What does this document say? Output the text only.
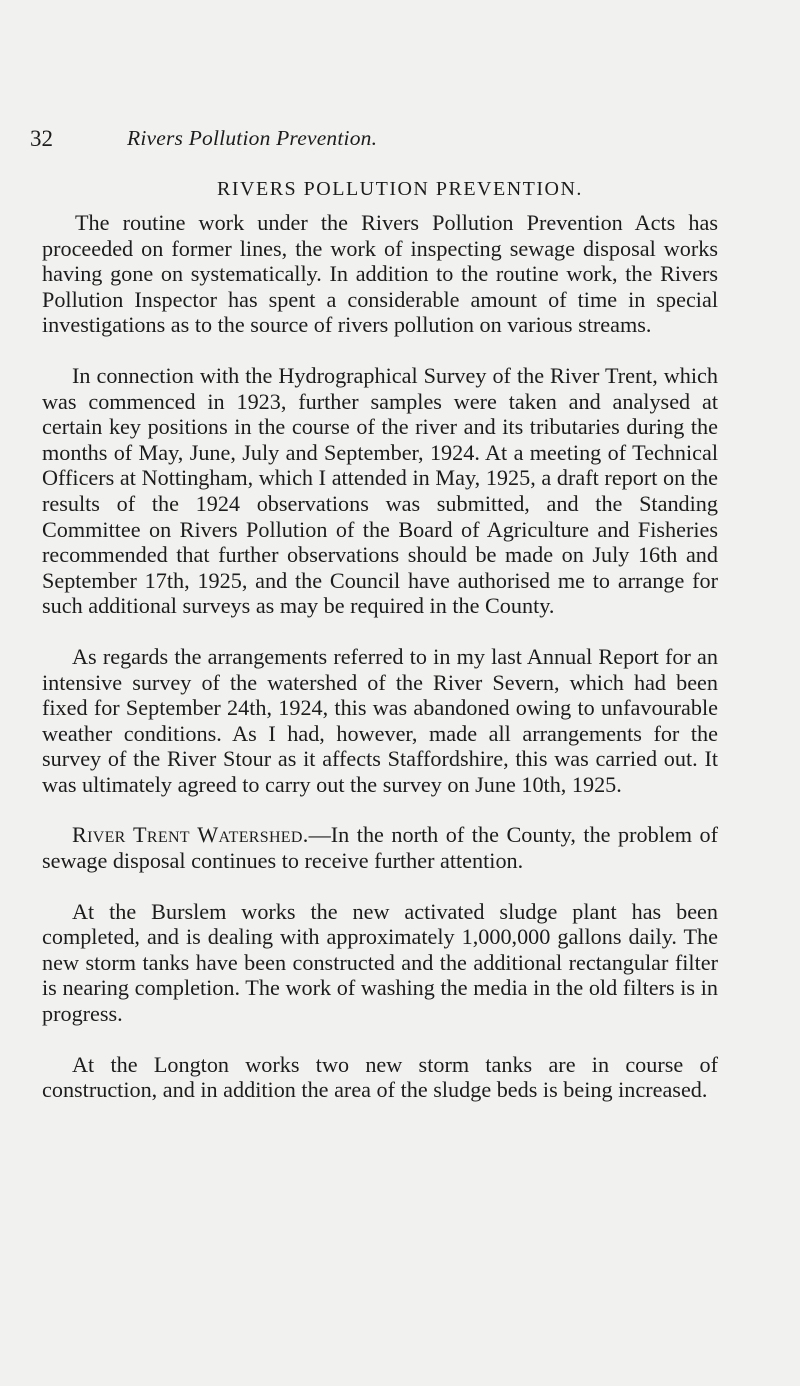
32	Rivers Pollution Prevention.
RIVERS POLLUTION PREVENTION.

The routine work under the Rivers Pollution Prevention Acts has proceeded on former lines, the work of inspecting sewage disposal works having gone on systematically. In addition to the routine work, the Rivers Pollution Inspector has spent a considerable amount of time in special investigations as to the source of rivers pollution on various streams.

In connection with the Hydrographical Survey of the River Trent, which was commenced in 1923, further samples were taken and analysed at certain key positions in the course of the river and its tributaries during the months of May, June, July and September, 1924. At a meeting of Technical Officers at Nottingham, which I attended in May, 1925, a draft report on the results of the 1924 observations was submitted, and the Standing Committee on Rivers Pollution of the Board of Agriculture and Fisheries recommended that further observations should be made on July 16th and September 17th, 1925, and the Council have authorised me to arrange for such additional surveys as may be required in the County.

As regards the arrangements referred to in my last Annual Report for an intensive survey of the watershed of the River Severn, which had been fixed for September 24th, 1924, this was abandoned owing to unfavourable weather conditions. As I had, however, made all arrangements for the survey of the River Stour as it affects Staffordshire, this was carried out. It was ultimately agreed to carry out the survey on June 10th, 1925.

River Trent Watershed.—In the north of the County, the problem of sewage disposal continues to receive further attention.

At the Burslem works the new activated sludge plant has been completed, and is dealing with approximately 1,000,000 gallons daily. The new storm tanks have been constructed and the additional rectangular filter is nearing completion. The work of washing the media in the old filters is in progress.

At the Longton works two new storm tanks are in course of construction, and in addition the area of the sludge beds is being increased.
